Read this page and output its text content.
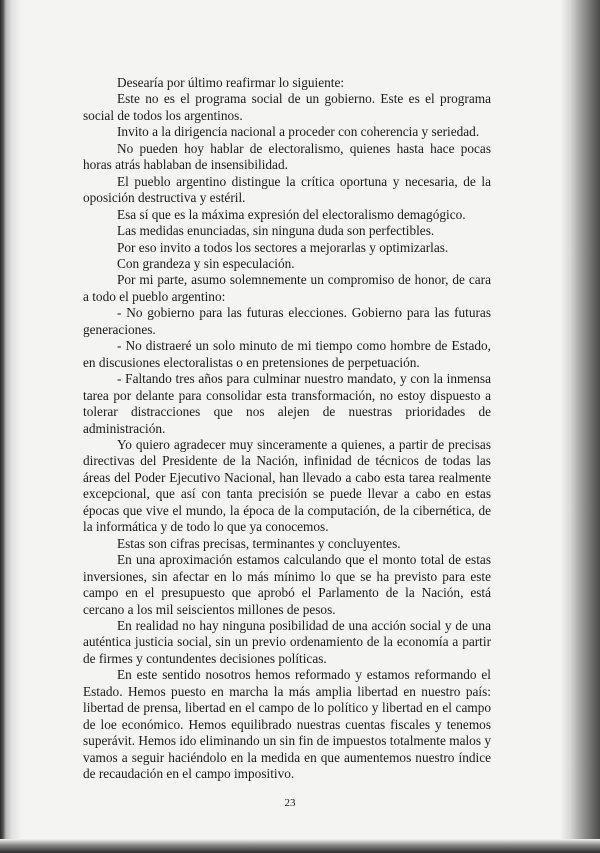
Desearía por último reafirmar lo siguiente:

Este no es el programa social de un gobierno. Este es el programa social de todos los argentinos.

Invito a la dirigencia nacional a proceder con coherencia y seriedad.

No pueden hoy hablar de electoralismo, quienes hasta hace pocas horas atrás hablaban de insensibilidad.

El pueblo argentino distingue la crítica oportuna y necesaria, de la oposición destructiva y estéril.

Esa sí que es la máxima expresión del electoralismo demagógico.

Las medidas enunciadas, sin ninguna duda son perfectibles.

Por eso invito a todos los sectores a mejorarlas y optimizarlas.

Con grandeza y sin especulación.

Por mi parte, asumo solemnemente un compromiso de honor, de cara a todo el pueblo argentino:

- No gobierno para las futuras elecciones. Gobierno para las futuras generaciones.

- No distraeré un solo minuto de mi tiempo como hombre de Estado, en discusiones electoralistas o en pretensiones de perpetuación.

- Faltando tres años para culminar nuestro mandato, y con la inmensa tarea por delante para consolidar esta transformación, no estoy dispuesto a tolerar distracciones que nos alejen de nuestras prioridades de administración.

Yo quiero agradecer muy sinceramente a quienes, a partir de precisas directivas del Presidente de la Nación, infinidad de técnicos de todas las áreas del Poder Ejecutivo Nacional, han llevado a cabo esta tarea realmente excepcional, que así con tanta precisión se puede llevar a cabo en estas épocas que vive el mundo, la época de la computación, de la cibernética, de la informática y de todo lo que ya conocemos.

Estas son cifras precisas, terminantes y concluyentes.

En una aproximación estamos calculando que el monto total de estas inversiones, sin afectar en lo más mínimo lo que se ha previsto para este campo en el presupuesto que aprobó el Parlamento de la Nación, está cercano a los mil seiscientos millones de pesos.

En realidad no hay ninguna posibilidad de una acción social y de una auténtica justicia social, sin un previo ordenamiento de la economía a partir de firmes y contundentes decisiones políticas.

En este sentido nosotros hemos reformado y estamos reformando el Estado. Hemos puesto en marcha la más amplia libertad en nuestro país: libertad de prensa, libertad en el campo de lo político y libertad en el campo de loe económico. Hemos equilibrado nuestras cuentas fiscales y tenemos superávit. Hemos ido eliminando un sin fin de impuestos totalmente malos y vamos a seguir haciéndolo en la medida en que aumentemos nuestro índice de recaudación en el campo impositivo.

23
